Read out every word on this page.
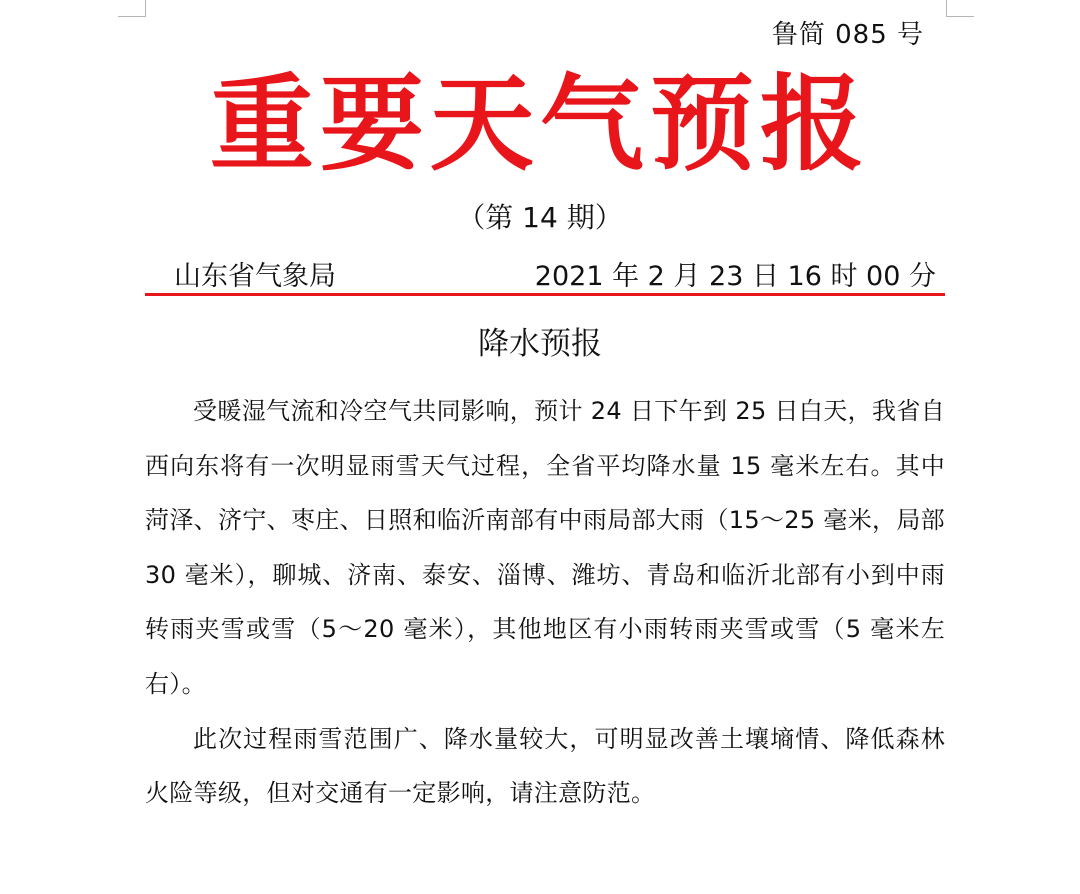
鲁简 085 号
重要天气预报
（第 14 期）
山东省气象局	2021 年 2 月 23 日 16 时 00 分
降水预报

受暖湿气流和冷空气共同影响，预计 24 日下午到 25 日白天，我省自西向东将有一次明显雨雪天气过程，全省平均降水量 15 毫米左右。其中菏泽、济宁、枣庄、日照和临沂南部有中雨局部大雨（15～25 毫米，局部 30 毫米），聊城、济南、泰安、淄博、潍坊、青岛和临沂北部有小到中雨转雨夹雪或雪（5～20 毫米），其他地区有小雨转雨夹雪或雪（5 毫米左右）。

此次过程雨雪范围广、降水量较大，可明显改善土壤墒情、降低森林火险等级，但对交通有一定影响，请注意防范。
